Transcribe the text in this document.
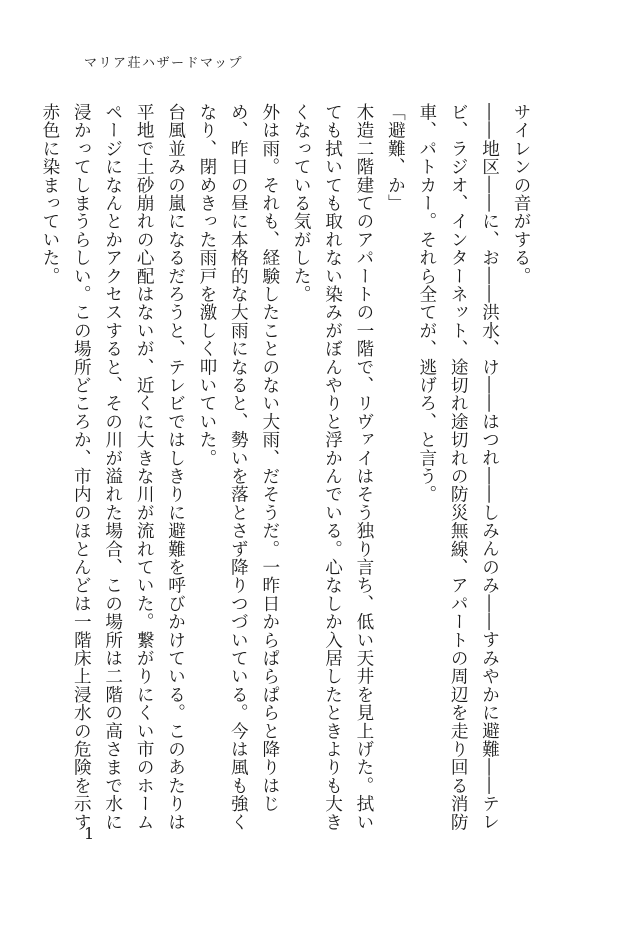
マリア荘ハザードマップ

サイレンの音がする。

――地区――に、お――洪水、け――はつれ――しみんのみ――すみやかに避難――テレビ、ラジオ、インターネット、途切れ途切れの防災無線、アパートの周辺を走り回る消防車、パトカー。それら全てが、逃げろ、と言う。

「避難、か」

木造二階建てのアパートの一階で、リヴァイはそう独り言ち、低い天井を見上げた。拭いても拭いても取れない染みがぼんやりと浮かんでいる。心なしか入居したときよりも大きくなっている気がした。

外は雨。それも、経験したことのない大雨、だそうだ。一昨日からぱらぱらと降りはじめ、昨日の昼に本格的な大雨になると、勢いを落とさず降りつづいている。今は風も強くなり、閉めきった雨戸を激しく叩いていた。

台風並みの嵐になるだろうと、テレビではしきりに避難を呼びかけている。このあたりは平地で土砂崩れの心配はないが、近くに大きな川が流れていた。繋がりにくい市のホームページになんとかアクセスすると、その川が溢れた場合、この場所は二階の高さまで水に浸かってしまうらしい。この場所どころか、市内のほとんどは一階床上浸水の危険を示す赤色に染まっていた。

1
